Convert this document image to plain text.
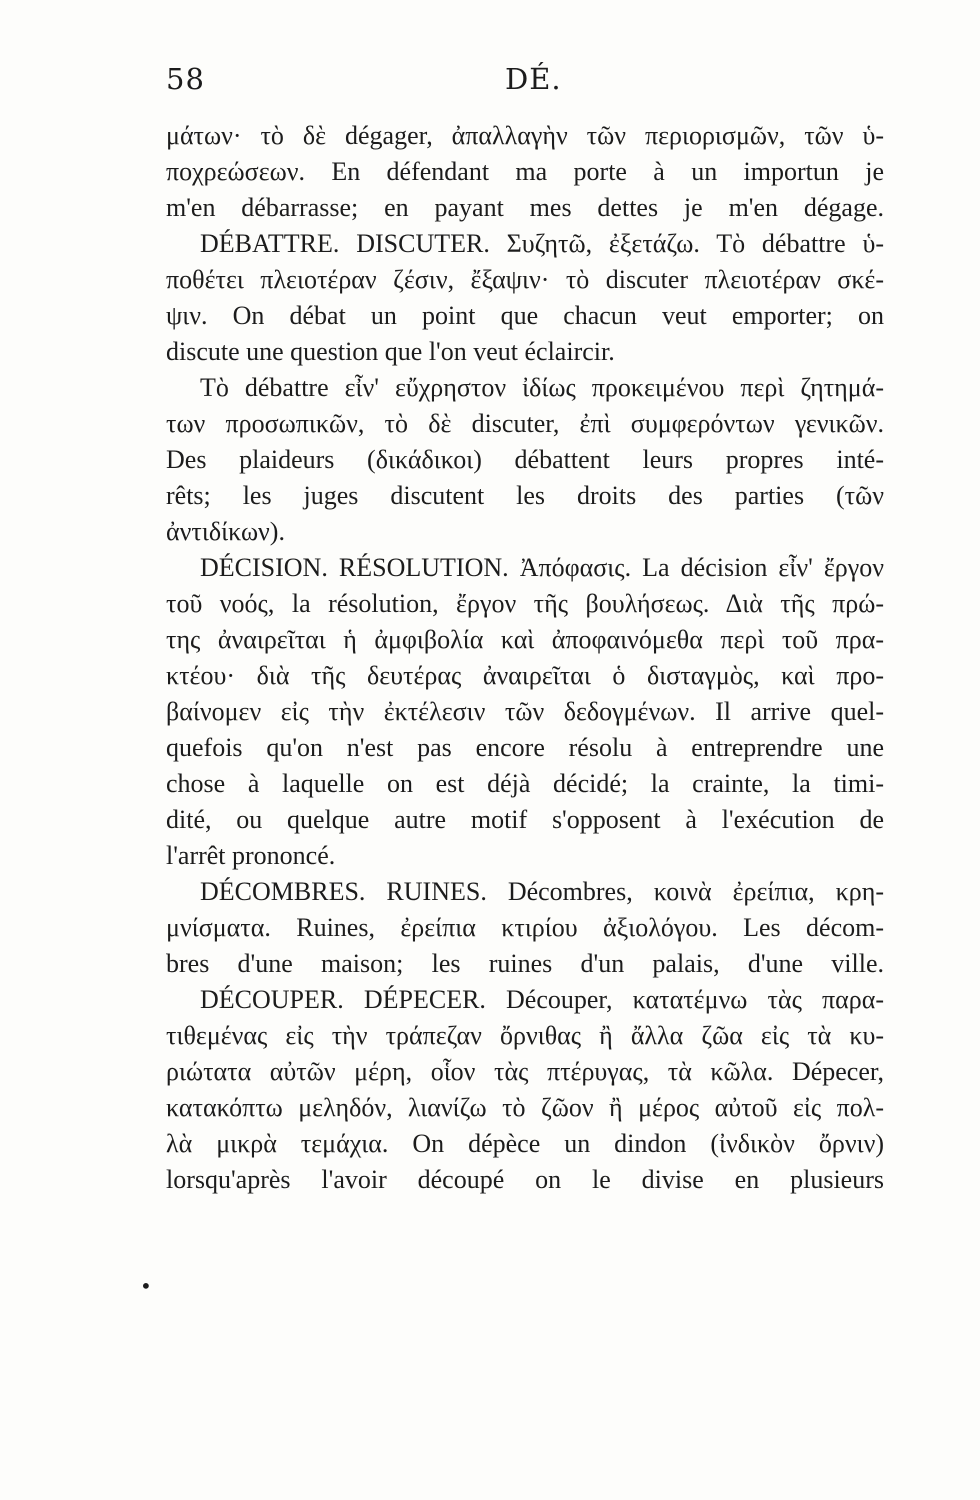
58	DÉ.
μάτων· τὸ δὲ dégager, ἀπαλλαγὴν τῶν περιορισμῶν, τῶν ὑ-
ποχρεώσεων. En défendant ma porte à un importun je
m'en débarrasse; en payant mes dettes je m'en dégage.
DÉBATTRE. DISCUTER. Συζητῶ, ἐξετάζω. Τὸ débattre ὑ-
ποθέτει πλειοτέραν ζέσιν, ἔξαψιν· τὸ discuter πλειοτέραν σκέ-
ψιν. On débat un point que chacun veut emporter; on
discute une question que l'on veut éclaircir.
Τὸ débattre εἶν' εὔχρηστον ἰδίως προκειμένου περὶ ζητημά-
των προσωπικῶν, τὸ δὲ discuter, ἐπὶ συμφερόντων γενικῶν.
Des plaideurs (δικάδικοι) débattent leurs propres inté-
rêts; les juges discutent les droits des parties (τῶν
ἀντιδίκων).
DÉCISION. RÉSOLUTION. Ἀπόφασις. La décision εἶν' ἔργον
τοῦ νοός, la résolution, ἔργον τῆς βουλήσεως. Διὰ τῆς πρώ-
της ἀναιρεῖται ἡ ἀμφιβολία καὶ ἀποφαινόμεθα περὶ τοῦ πρα-
κτέου· διὰ τῆς δευτέρας ἀναιρεῖται ὁ δισταγμὸς, καὶ προ-
βαίνομεν εἰς τὴν ἐκτέλεσιν τῶν δεδογμένων. Il arrive quel-
quefois qu'on n'est pas encore résolu à entreprendre une
chose à laquelle on est déjà décidé; la crainte, la timi-
dité, ou quelque autre motif s'opposent à l'exécution de
l'arrêt prononcé.
DÉCOMBRES. RUINES. Décombres, κοινὰ ἐρείπια, κρη-
μνίσματα. Ruines, ἐρείπια κτιρίου ἀξιολόγου. Les décom-
bres d'une maison; les ruines d'un palais, d'une ville.
DÉCOUPER. DÉPECER. Découper, κατατέμνω τὰς παρα-
τιθεμένας εἰς τὴν τράπεζαν ὄρνιθας ἢ ἄλλα ζῶα εἰς τὰ κυ-
ριώτατα αὐτῶν μέρη, οἷον τὰς πτέρυγας, τὰ κῶλα. Dépecer,
κατακόπτω μεληδόν, λιανίζω τὸ ζῶον ἢ μέρος αὐτοῦ εἰς πολ-
λὰ μικρὰ τεμάχια. On dépèce un dindon (ἰνδικὸν ὄρνιν)
lorsqu'après l'avoir découpé on le divise en plusieurs
•
